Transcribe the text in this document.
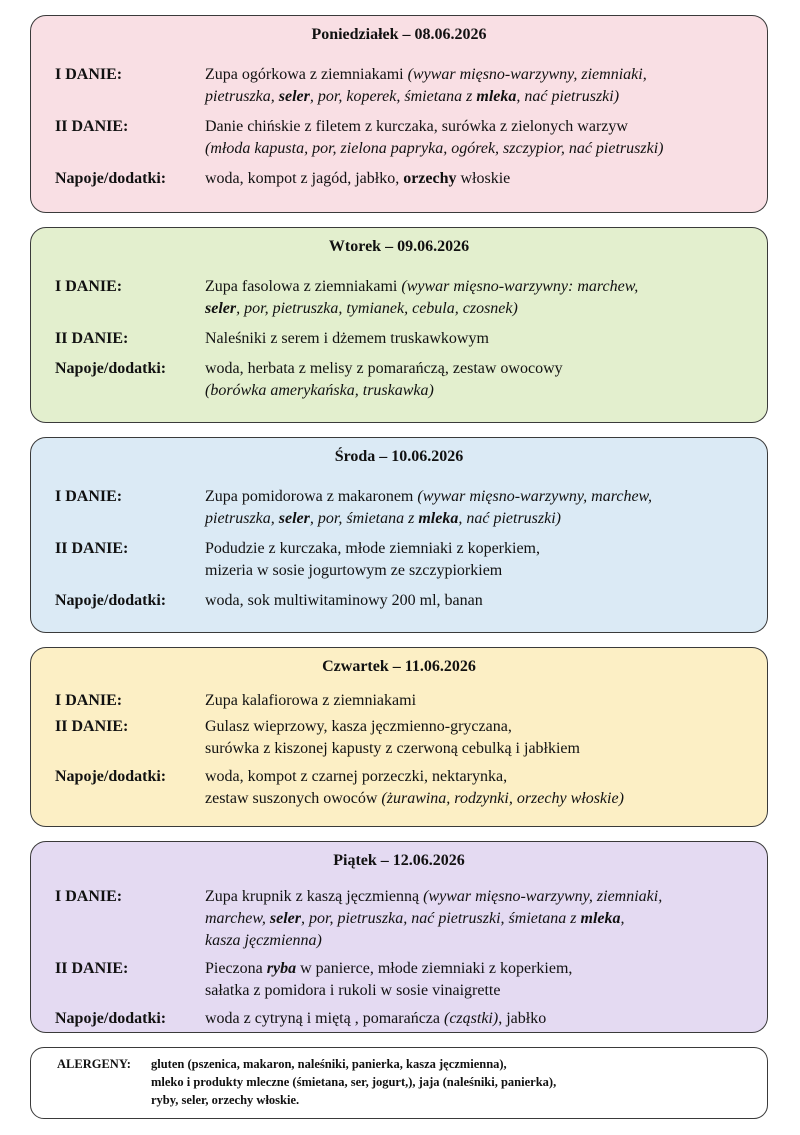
Poniedziałek – 08.06.2026
I DANIE:	Zupa ogórkowa z ziemniakami (wywar mięsno-warzywny, ziemniaki,
pietruszka, seler, por, koperek, śmietana z mleka, nać pietruszki)
II DANIE:	Danie chińskie z filetem z kurczaka, surówka z zielonych warzyw
(młoda kapusta, por, zielona papryka, ogórek, szczypior, nać pietruszki)
Napoje/dodatki: woda, kompot z jagód, jabłko, orzechy włoskie
Wtorek – 09.06.2026
I DANIE:	Zupa fasolowa z ziemniakami (wywar mięsno-warzywny: marchew,
seler, por, pietruszka, tymianek, cebula, czosnek)
II DANIE:	Naleśniki z serem i dżemem truskawkowym
Napoje/dodatki: woda, herbata z melisy z pomarańczą, zestaw owocowy
(borówka amerykańska, truskawka)
Środa – 10.06.2026
I DANIE:	Zupa pomidorowa z makaronem (wywar mięsno-warzywny, marchew,
pietruszka, seler, por, śmietana z mleka, nać pietruszki)
II DANIE:	Podudzie z kurczaka, młode ziemniaki z koperkiem,
mizeria w sosie jogurtowym ze szczypiorkiem
Napoje/dodatki: woda, sok multiwitaminowy 200 ml, banan
Czwartek – 11.06.2026
I DANIE:	Zupa kalafiorowa z ziemniakami
II DANIE:	Gulasz wieprzowy, kasza jęczmienno-gryczana,
surówka z kiszonej kapusty z czerwoną cebulką i jabłkiem
Napoje/dodatki: woda, kompot z czarnej porzeczki, nektarynka,
zestaw suszonych owoców (żurawina, rodzynki, orzechy włoskie)
Piątek – 12.06.2026
I DANIE:	Zupa krupnik z kaszą jęczmienną (wywar mięsno-warzywny, ziemniaki,
marchew, seler, por, pietruszka, nać pietruszki, śmietana z mleka,
kasza jęczmienna)
II DANIE:	Pieczona ryba w panierce, młode ziemniaki z koperkiem,
sałatka z pomidora i rukoli w sosie vinaigrette
Napoje/dodatki: woda z cytryną i miętą , pomarańcza (cząstki), jabłko
ALERGENY: gluten (pszenica, makaron, naleśniki, panierka, kasza jęczmienna),
mleko i produkty mleczne (śmietana, ser, jogurt,), jaja (naleśniki, panierka),
ryby, seler, orzechy włoskie.
